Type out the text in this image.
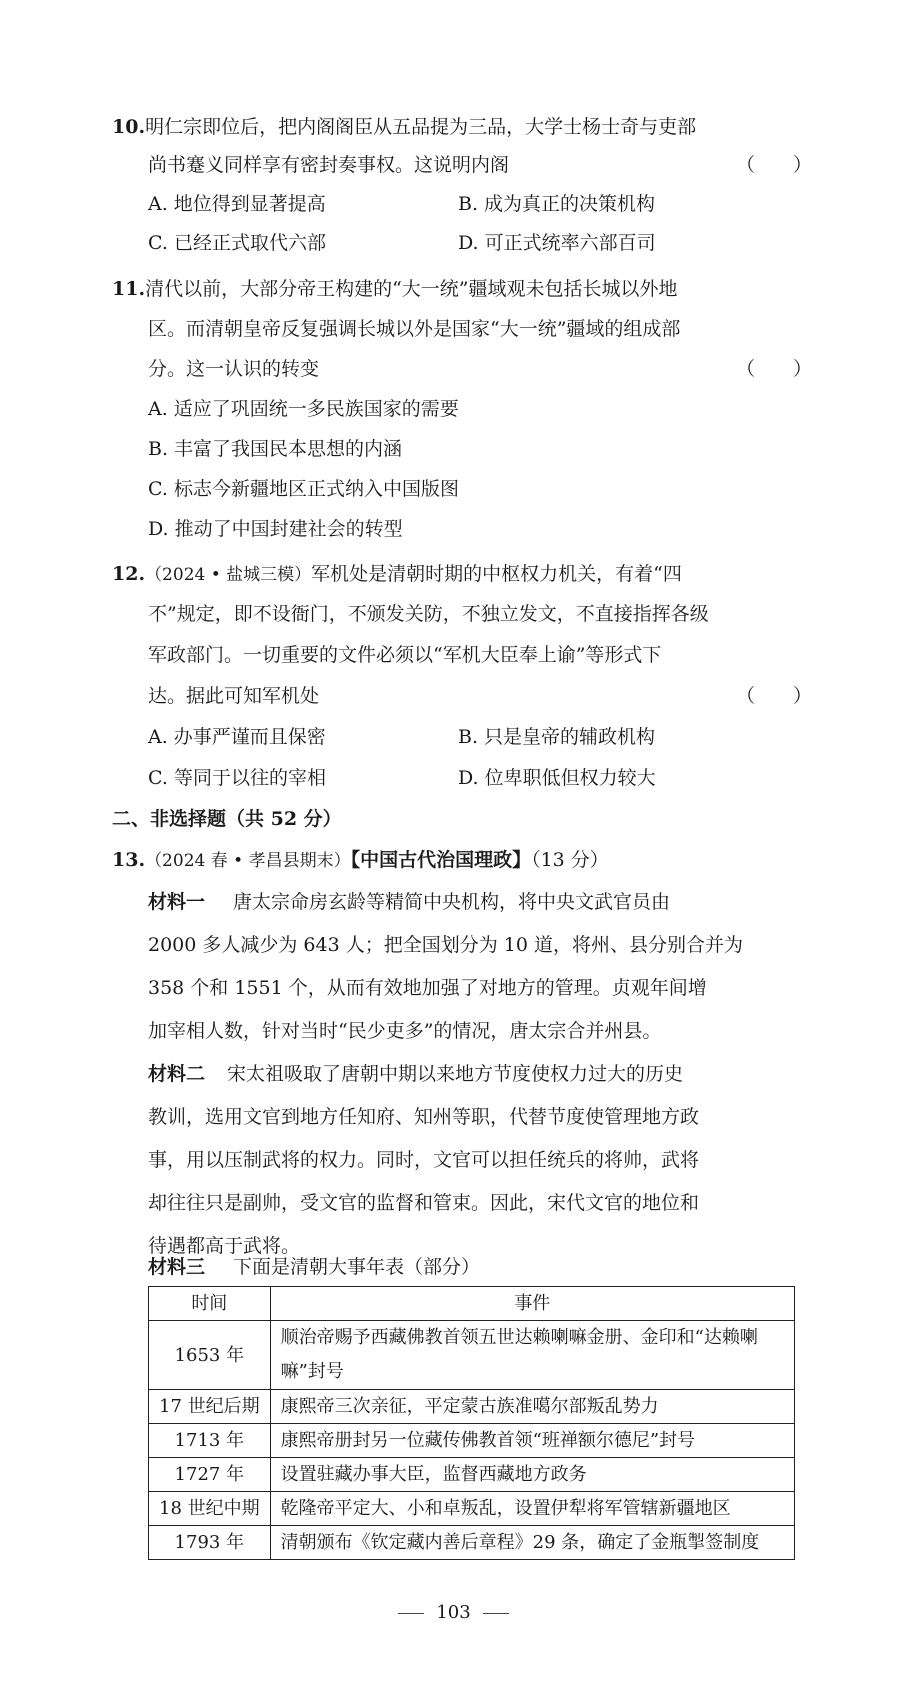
10.明仁宗即位后，把内阁阁臣从五品提为三品，大学士杨士奇与吏部
尚书蹇义同样享有密封奏事权。这说明内阁	（　　）
A. 地位得到显著提高	B. 成为真正的决策机构
C. 已经正式取代六部	D. 可正式统率六部百司
11.清代以前，大部分帝王构建的“大一统”疆域观未包括长城以外地
区。而清朝皇帝反复强调长城以外是国家“大一统”疆域的组成部
分。这一认识的转变	（　　）
A. 适应了巩固统一多民族国家的需要
B. 丰富了我国民本思想的内涵
C. 标志今新疆地区正式纳入中国版图
D. 推动了中国封建社会的转型
12.（2024 • 盐城三模）军机处是清朝时期的中枢权力机关，有着“四
不”规定，即不设衙门，不颁发关防，不独立发文，不直接指挥各级
军政部门。一切重要的文件必须以“军机大臣奉上谕”等形式下
达。据此可知军机处	（　　）
A. 办事严谨而且保密	B. 只是皇帝的辅政机构
C. 等同于以往的宰相	D. 位卑职低但权力较大
二、非选择题（共 52 分）
13.（2024 春 • 孝昌县期末）【中国古代治国理政】（13 分）
材料一 唐太宗命房玄龄等精简中央机构，将中央文武官员由
2000 多人减少为 643 人；把全国划分为 10 道，将州、县分别合并为
358 个和 1551 个，从而有效地加强了对地方的管理。贞观年间增
加宰相人数，针对当时“民少吏多”的情况，唐太宗合并州县。
材料二 宋太祖吸取了唐朝中期以来地方节度使权力过大的历史
教训，选用文官到地方任知府、知州等职，代替节度使管理地方政
事，用以压制武将的权力。同时，文官可以担任统兵的将帅，武将
却往往只是副帅，受文官的监督和管束。因此，宋代文官的地位和
待遇都高于武将。
材料三 下面是清朝大事年表（部分）
时间	事件
1653 年	顺治帝赐予西藏佛教首领五世达赖喇嘛金册、金印和“达赖喇嘛”封号
17 世纪后期	康熙帝三次亲征，平定蒙古族准噶尔部叛乱势力
1713 年	康熙帝册封另一位藏传佛教首领“班禅额尔德尼”封号
1727 年	设置驻藏办事大臣，监督西藏地方政务
18 世纪中期	乾隆帝平定大、小和卓叛乱，设置伊犁将军管辖新疆地区
1793 年	清朝颁布《钦定藏内善后章程》29 条，确定了金瓶掣签制度
103
